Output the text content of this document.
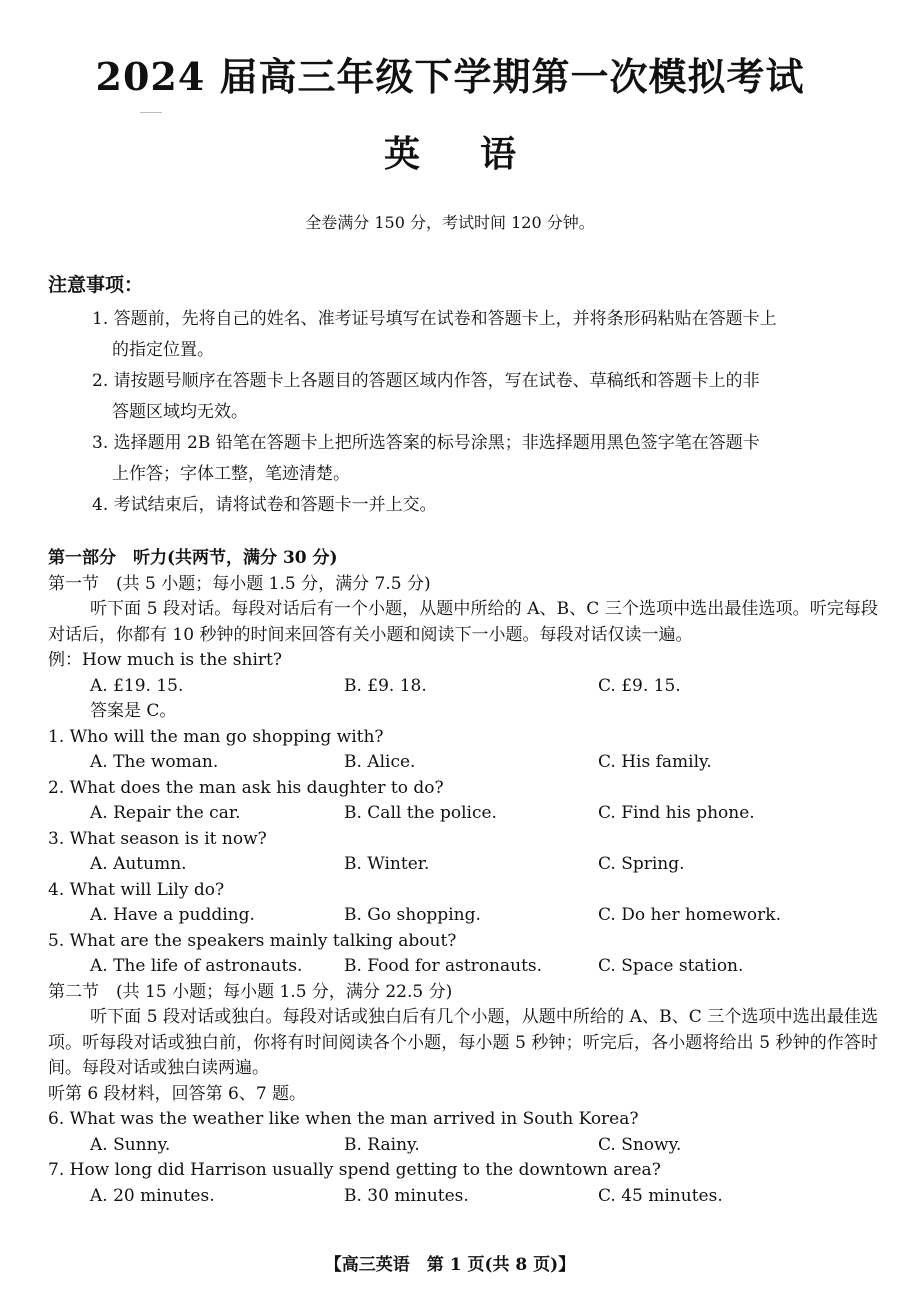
2024 届高三年级下学期第一次模拟考试
英语
全卷满分 150 分，考试时间 120 分钟。
注意事项：
1. 答题前，先将自己的姓名、准考证号填写在试卷和答题卡上，并将条形码粘贴在答题卡上
的指定位置。
2. 请按题号顺序在答题卡上各题目的答题区域内作答，写在试卷、草稿纸和答题卡上的非
答题区域均无效。
3. 选择题用 2B 铅笔在答题卡上把所选答案的标号涂黑；非选择题用黑色签字笔在答题卡
上作答；字体工整，笔迹清楚。
4. 考试结束后，请将试卷和答题卡一并上交。
第一部分　听力(共两节，满分 30 分)
第一节　(共 5 小题；每小题 1.5 分，满分 7.5 分)
听下面 5 段对话。每段对话后有一个小题，从题中所给的 A、B、C 三个选项中选出最佳选项。听完每段对话后，你都有 10 秒钟的时间来回答有关小题和阅读下一小题。每段对话仅读一遍。
例：How much is the shirt?
A. £19. 15.	B. £9. 18.	C. £9. 15.
答案是 C。
1. Who will the man go shopping with?
A. The woman.	B. Alice.	C. His family.
2. What does the man ask his daughter to do?
A. Repair the car.	B. Call the police.	C. Find his phone.
3. What season is it now?
A. Autumn.	B. Winter.	C. Spring.
4. What will Lily do?
A. Have a pudding.	B. Go shopping.	C. Do her homework.
5. What are the speakers mainly talking about?
A. The life of astronauts.	B. Food for astronauts.	C. Space station.
第二节　(共 15 小题；每小题 1.5 分，满分 22.5 分)
听下面 5 段对话或独白。每段对话或独白后有几个小题，从题中所给的 A、B、C 三个选项中选出最佳选项。听每段对话或独白前，你将有时间阅读各个小题，每小题 5 秒钟；听完后，各小题将给出 5 秒钟的作答时间。每段对话或独白读两遍。
听第 6 段材料，回答第 6、7 题。
6. What was the weather like when the man arrived in South Korea?
A. Sunny.	B. Rainy.	C. Snowy.
7. How long did Harrison usually spend getting to the downtown area?
A. 20 minutes.	B. 30 minutes.	C. 45 minutes.
【高三英语　第 1 页(共 8 页)】
